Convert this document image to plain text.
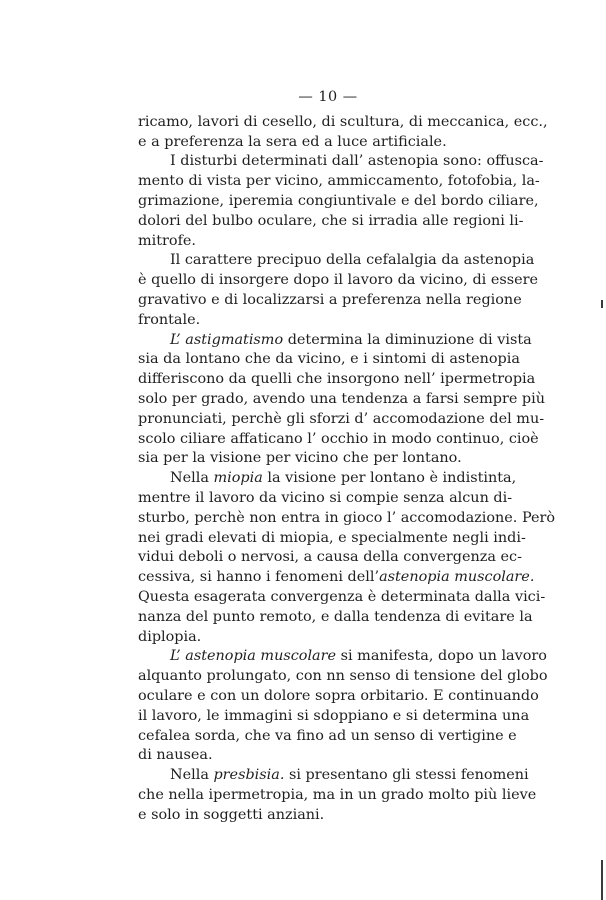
— 10 —
ricamo, lavori di cesello, di scultura, di meccanica, ecc.,
e a preferenza la sera ed a luce artificiale.
I disturbi determinati dall’ astenopia sono: offusca-
mento di vista per vicino, ammiccamento, fotofobia, la-
grimazione, iperemia congiuntivale e del bordo ciliare,
dolori del bulbo oculare, che si irradia alle regioni li-
mitrofe.
Il carattere precipuo della cefalalgia da astenopia
è quello di insorgere dopo il lavoro da vicino, di essere
gravativo e di localizzarsi a preferenza nella regione
frontale.
L’ astigmatismo determina la diminuzione di vista
sia da lontano che da vicino, e i sintomi di astenopia
differiscono da quelli che insorgono nell’ ipermetropia
solo per grado, avendo una tendenza a farsi sempre più
pronunciati, perchè gli sforzi d’ accomodazione del mu-
scolo ciliare affaticano l’ occhio in modo continuo, cioè
sia per la visione per vicino che per lontano.
Nella miopia la visione per lontano è indistinta,
mentre il lavoro da vicino si compie senza alcun di-
sturbo, perchè non entra in gioco l’ accomodazione. Però
nei gradi elevati di miopia, e specialmente negli indi-
vidui deboli o nervosi, a causa della convergenza ec-
cessiva, si hanno i fenomeni dell’astenopia muscolare.
Questa esagerata convergenza è determinata dalla vici-
nanza del punto remoto, e dalla tendenza di evitare la
diplopia.
L’ astenopia muscolare si manifesta, dopo un lavoro
alquanto prolungato, con nn senso di tensione del globo
oculare e con un dolore sopra orbitario. E continuando
il lavoro, le immagini si sdoppiano e si determina una
cefalea sorda, che va fino ad un senso di vertigine e
di nausea.
Nella presbisia. si presentano gli stessi fenomeni
che nella ipermetropia, ma in un grado molto più lieve
e solo in soggetti anziani.
